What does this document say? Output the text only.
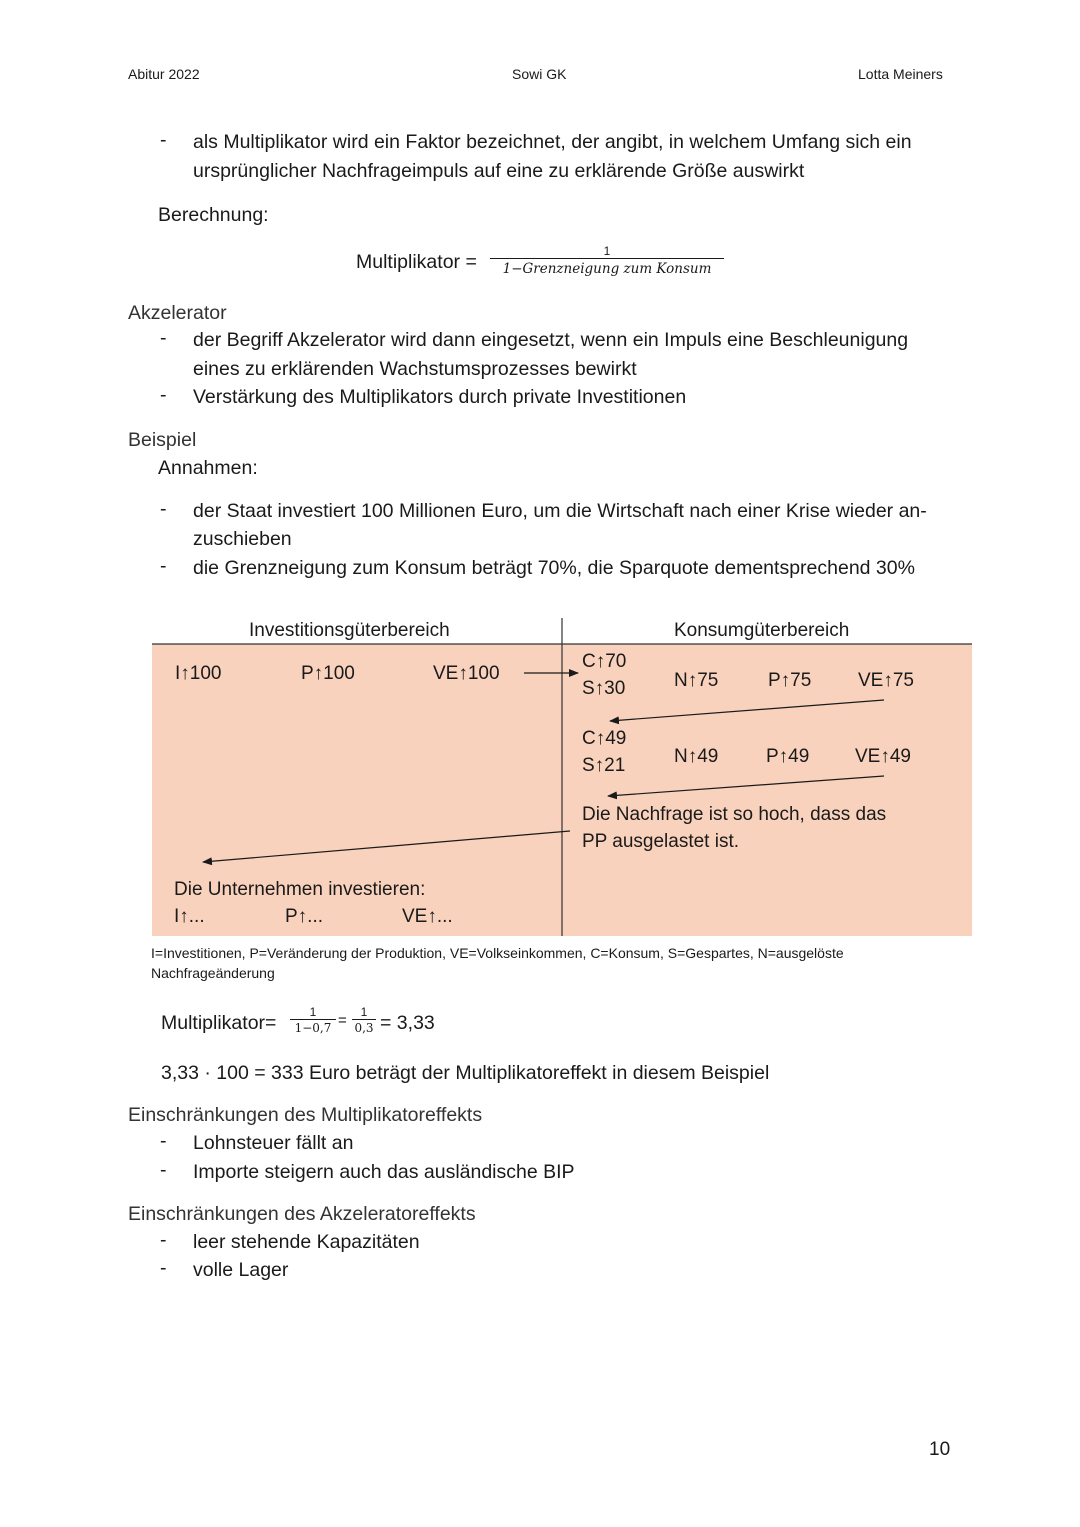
Abitur 2022	Sowi GK	Lotta Meiners
- als Multiplikator wird ein Faktor bezeichnet, der angibt, in welchem Umfang sich ein
ursprünglicher Nachfrageimpuls auf eine zu erklärende Größe auswirkt
Berechnung:
Multiplikator =	1
1−Grenzneigung zum Konsum
Akzelerator
- der Begriff Akzelerator wird dann eingesetzt, wenn ein Impuls eine Beschleunigung
eines zu erklärenden Wachstumsprozesses bewirkt
- Verstärkung des Multiplikators durch private Investitionen
Beispiel
Annahmen:
- der Staat investiert 100 Millionen Euro, um die Wirtschaft nach einer Krise wieder an-
zuschieben
- die Grenzneigung zum Konsum beträgt 70%, die Sparquote dementsprechend 30%
Investitionsgüterbereich	Konsumgüterbereich
I↑100	P↑100	VE↑100
C↑70
S↑30	N↑75	P↑75 VE↑75
C↑49
S↑21	N↑49	P↑49 VE↑49
Die Nachfrage ist so hoch, dass das
PP ausgelastet ist.
Die Unternehmen investieren:
I↑...	P↑...	VE↑...
I=Investitionen, P=Veränderung der Produktion, VE=Volkseinkommen, C=Konsum, S=Gespartes, N=ausgelöste
Nachfrageänderung
Multiplikator=	1
1−0,7 =	1
0,3 = 3,33
3,33 · 100 = 333 Euro beträgt der Multiplikatoreffekt in diesem Beispiel
Einschränkungen des Multiplikatoreffekts
- Lohnsteuer fällt an
- Importe steigern auch das ausländische BIP
Einschränkungen des Akzeleratoreffekts
- leer stehende Kapazitäten
- volle Lager
10
